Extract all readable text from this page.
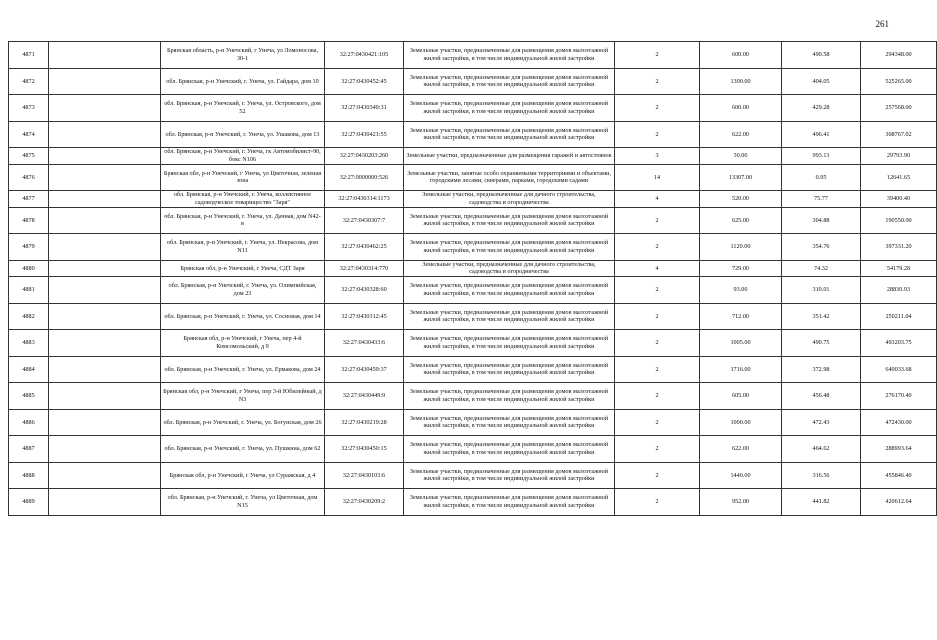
261
4871		Брянская область, р-н Унечский, г Унеча, ул Ломоносова, 30-1	32:27:0430421:105	Земельные участки, предназначенные для размещения домов малоэтажной жилой застройки, в том числе индивидуальной жилой застройки	2	600.00	490.58	294348.00
4872		обл. Брянская, р-н Унечский, г. Унеча, ул. Гайдара, дом 10	32:27:0430452:45	Земельные участки, предназначенные для размещения домов малоэтажной жилой застройки, в том числе индивидуальной жилой застройки	2	1300.00	404.05	525265.00
4873		обл. Брянская, р-н Унечский, г. Унеча, ул. Островского, дом 52	32:27:0430349:31	Земельные участки, предназначенные для размещения домов малоэтажной жилой застройки, в том числе индивидуальной жилой застройки	2	600.00	429.28	257568.00
4874		обл. Брянская, р-н Унечский, г. Унеча, ул. Ушакова, дом 13	32:27:0430421:55	Земельные участки, предназначенные для размещения домов малоэтажной жилой застройки, в том числе индивидуальной жилой застройки	2	622.00	496.41	308767.02
4875		обл. Брянская, р-н Унечский, г. Унеча, гк Автомобилист-90, бокс N106	32:27:0430203:260	Земельные участки, предназначенные для размещения гаражей и автостоянок	3	30.00	993.13	29793.90
4876		Брянская обл, р-н Унечский, г Унеча, ул Цветочная, зеленая зона	32:27:0000000:526	Земельные участки, занятые особо охраняемыми территориями и объектами, городскими лесами, скверами, парками, городскими садами	14	13307.00	0.95	12641.65
4877		обл. Брянская, р-н Унечский, г. Унеча, коллективное садоводческое товарищество "Заря"	32:27:0430314:1173	Земельные участки, предназначенные для дачного строительства, садоводства и огородничества	4	520.00	75.77	39400.40
4878		обл. Брянская, р-н Унечский, г. Унеча, ул. Дачная, дом N42-в	32:27:0430307:7	Земельные участки, предназначенные для размещения домов малоэтажной жилой застройки, в том числе индивидуальной жилой застройки	2	625.00	304.88	190550.00
4879		обл. Брянская, р-н Унечский, г. Унеча, ул. Некрасова, дом N11	32:27:0430462:25	Земельные участки, предназначенные для размещения домов малоэтажной жилой застройки, в том числе индивидуальной жилой застройки	2	1120.00	354.76	397331.20
4880		Брянская обл, р-н Унечский, г Унеча, СДТ Заря	32:27:0430314:770	Земельные участки, предназначенные для дачного строительства, садоводства и огородничества	4	729.00	74.32	54179.28
4881		обл. Брянская, р-н Унечский, г. Унеча, ул. Олимпийская, дом 23	32:27:0430328:60	Земельные участки, предназначенные для размещения домов малоэтажной жилой застройки, в том числе индивидуальной жилой застройки	2	93.00	310.01	28830.93
4882		обл. Брянская, р-н Унечский, г. Унеча, ул. Сосновая, дом 14	32:27:0430312:45	Земельные участки, предназначенные для размещения домов малоэтажной жилой застройки, в том числе индивидуальной жилой застройки	2	712.00	351.42	250211.04
4883		Брянская обл, р-н Унечский, г Унеча, пер 4-й Комсомольский, д 9	32:27:0430433:6	Земельные участки, предназначенные для размещения домов малоэтажной жилой застройки, в том числе индивидуальной жилой застройки	2	1005.00	490.75	493203.75
4884		обл. Брянская, р-н Унечский, г. Унеча, ул. Ермакова, дом 24	32:27:0430459:37	Земельные участки, предназначенные для размещения домов малоэтажной жилой застройки, в том числе индивидуальной жилой застройки	2	1716.00	372.98	640033.68
4885		Брянская обл, р-н Унечский, г Унеча, пер 3-й Юбилейный, д N3	32:27:0430449:9	Земельные участки, предназначенные для размещения домов малоэтажной жилой застройки, в том числе индивидуальной жилой застройки	2	605.00	456.48	276170.40
4886		обл. Брянская, р-н Унечский, г. Унеча, ул. Богунская, дом 26	32:27:0430219:28	Земельные участки, предназначенные для размещения домов малоэтажной жилой застройки, в том числе индивидуальной жилой застройки	2	1000.00	472.43	472430.00
4887		обл. Брянская, р-н Унечский, г. Унеча, ул. Пушкина, дом 62	32:27:0430450:15	Земельные участки, предназначенные для размещения домов малоэтажной жилой застройки, в том числе индивидуальной жилой застройки	2	622.00	464.62	288993.64
4888		Брянская обл, р-н Унечский, г Унеча, ул Суражская, д 4	32:27:0430103:6	Земельные участки, предназначенные для размещения домов малоэтажной жилой застройки, в том числе индивидуальной жилой застройки	2	1440.00	316.56	455846.40
4889		обл. Брянская, р-н Унечский, г. Унеча, ул Цветочная, дом N15	32:27:0430209:2	Земельные участки, предназначенные для размещения домов малоэтажной жилой застройки, в том числе индивидуальной жилой застройки	2	952.00	441.82	420612.64
